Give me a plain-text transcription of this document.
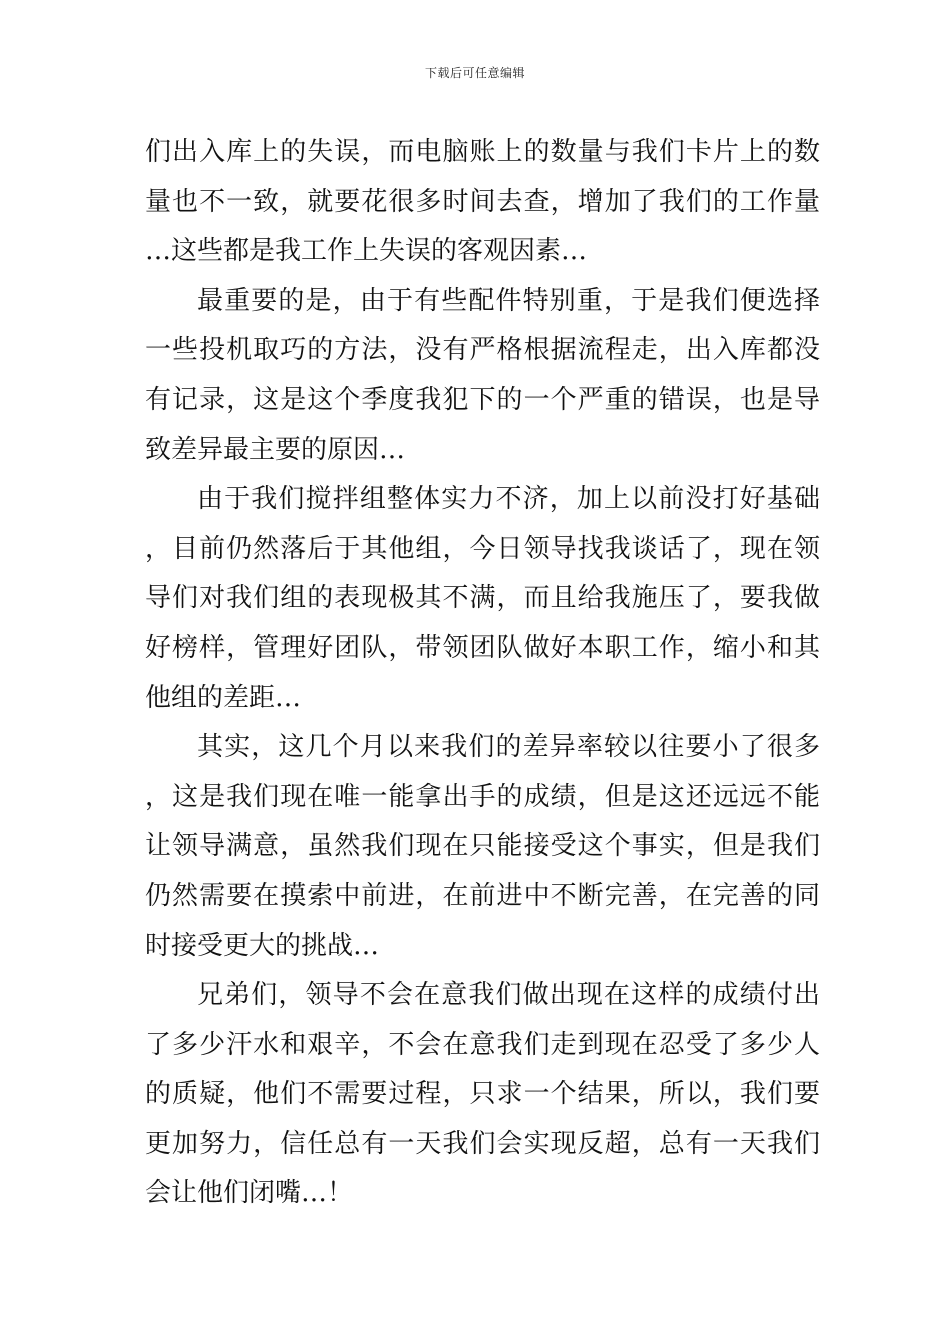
下载后可任意编辑

们出入库上的失误，而电脑账上的数量与我们卡片上的数量也不一致，就要花很多时间去查，增加了我们的工作量…这些都是我工作上失误的客观因素…

最重要的是，由于有些配件特别重，于是我们便选择一些投机取巧的方法，没有严格根据流程走，出入库都没有记录，这是这个季度我犯下的一个严重的错误，也是导致差异最主要的原因…

由于我们搅拌组整体实力不济，加上以前没打好基础，目前仍然落后于其他组，今日领导找我谈话了，现在领导们对我们组的表现极其不满，而且给我施压了，要我做好榜样，管理好团队，带领团队做好本职工作，缩小和其他组的差距…

其实，这几个月以来我们的差异率较以往要小了很多，这是我们现在唯一能拿出手的成绩，但是这还远远不能让领导满意，虽然我们现在只能接受这个事实，但是我们仍然需要在摸索中前进，在前进中不断完善，在完善的同时接受更大的挑战…

兄弟们，领导不会在意我们做出现在这样的成绩付出了多少汗水和艰辛，不会在意我们走到现在忍受了多少人的质疑，他们不需要过程，只求一个结果，所以，我们要更加努力，信任总有一天我们会实现反超，总有一天我们会让他们闭嘴…！
